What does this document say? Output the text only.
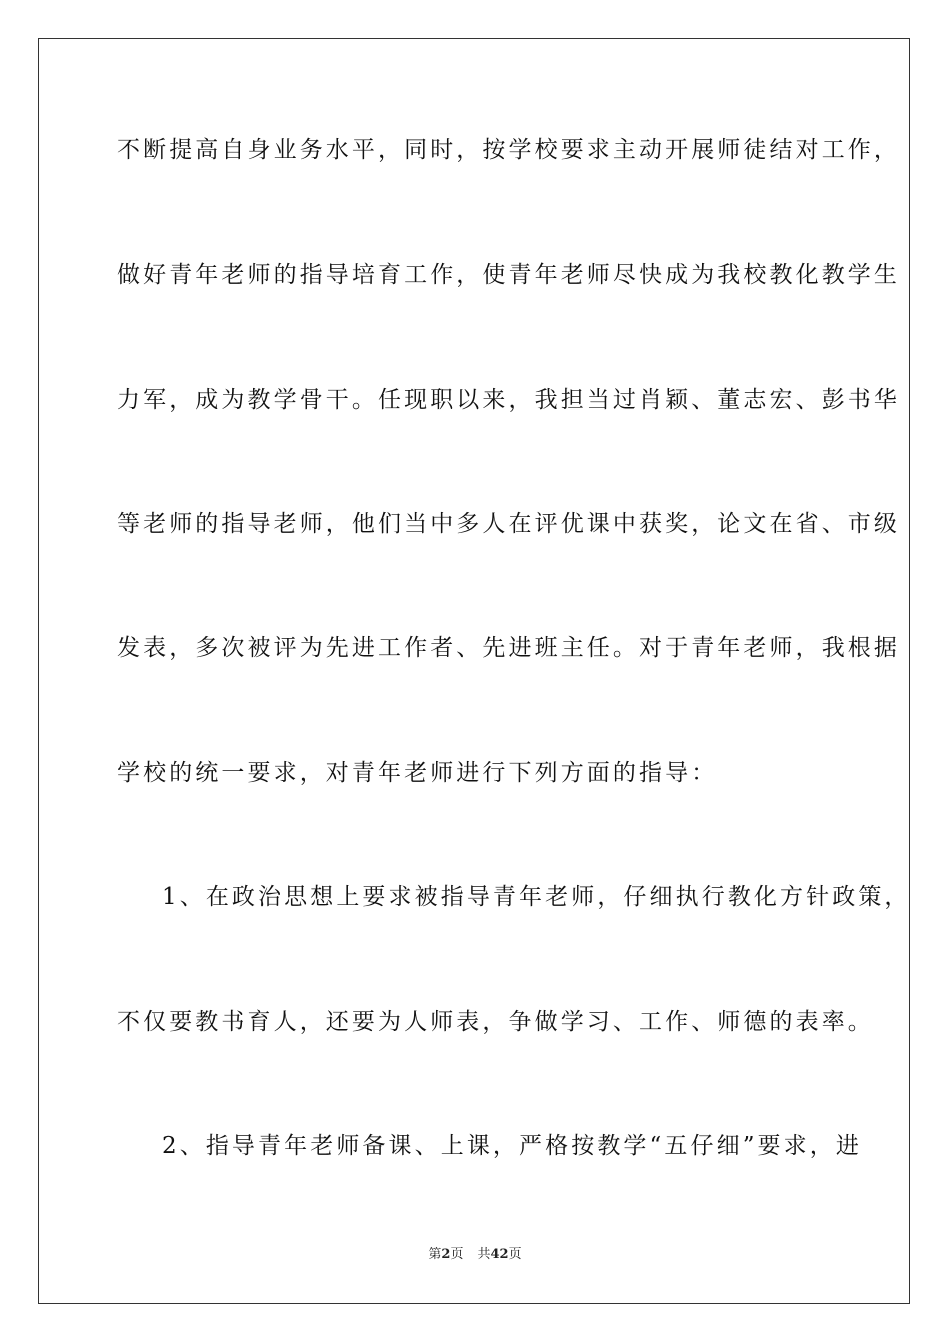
不断提高自身业务水平，同时，按学校要求主动开展师徒结对工作，
做好青年老师的指导培育工作，使青年老师尽快成为我校教化教学生
力军，成为教学骨干。任现职以来，我担当过肖颖、董志宏、彭书华
等老师的指导老师，他们当中多人在评优课中获奖，论文在省、市级
发表，多次被评为先进工作者、先进班主任。对于青年老师，我根据
学校的统一要求，对青年老师进行下列方面的指导：
1、在政治思想上要求被指导青年老师，仔细执行教化方针政策，
不仅要教书育人，还要为人师表，争做学习、工作、师德的表率。
2、指导青年老师备课、上课，严格按教学“五仔细”要求，进
第2页 共42页
